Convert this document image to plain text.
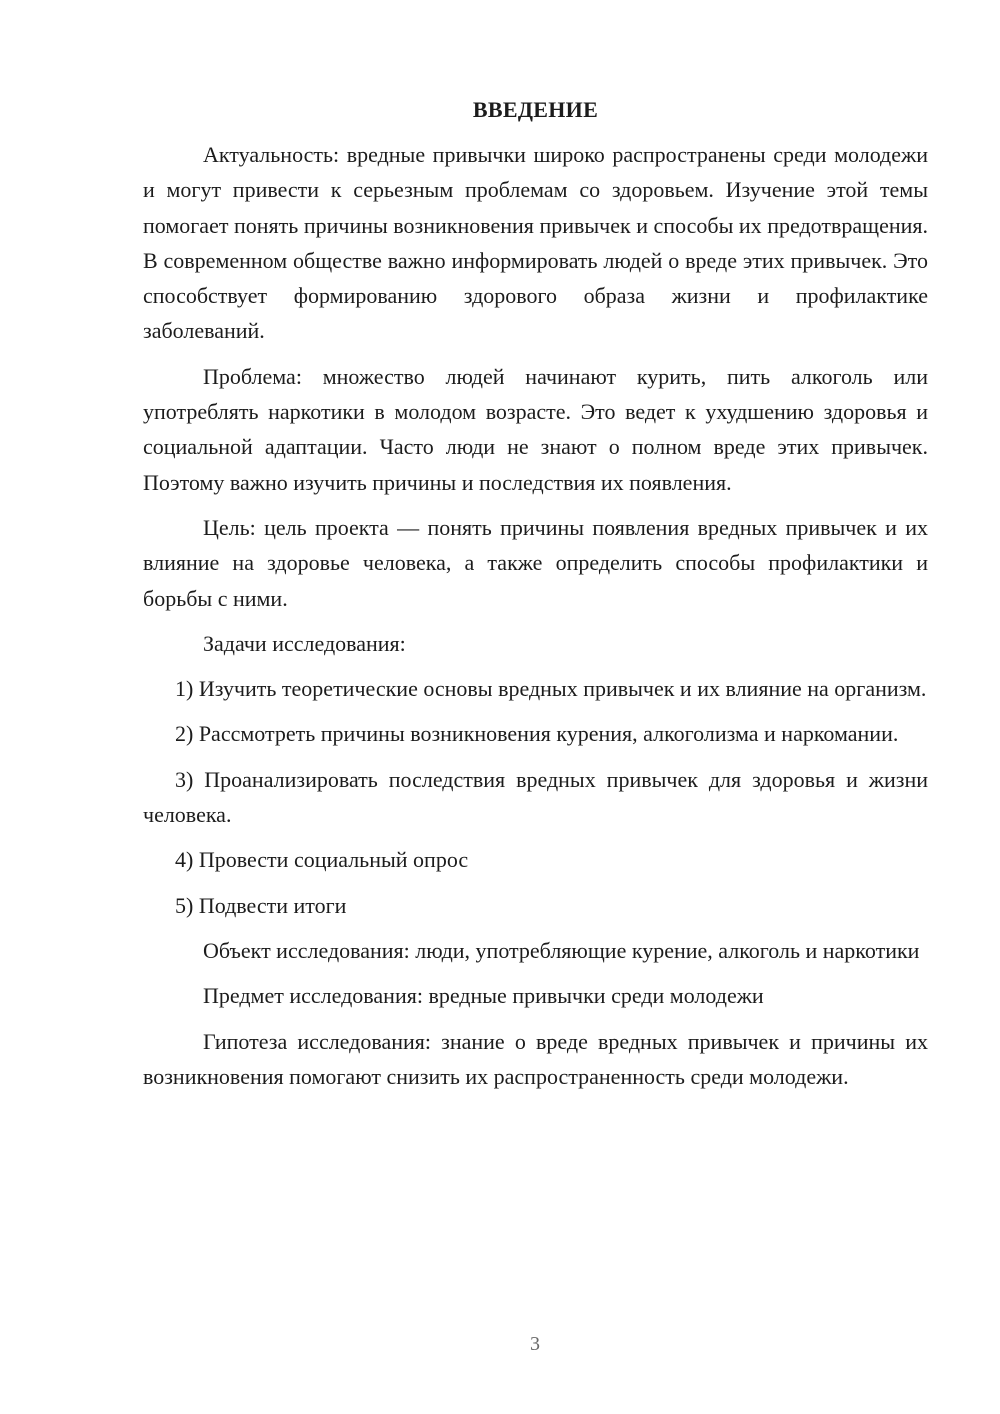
ВВЕДЕНИЕ

Актуальность: вредные привычки широко распространены среди молодежи и могут привести к серьезным проблемам со здоровьем. Изучение этой темы помогает понять причины возникновения привычек и способы их предотвращения. В современном обществе важно информировать людей о вреде этих привычек. Это способствует формированию здорового образа жизни и профилактике заболеваний.

Проблема: множество людей начинают курить, пить алкоголь или употреблять наркотики в молодом возрасте. Это ведет к ухудшению здоровья и социальной адаптации. Часто люди не знают о полном вреде этих привычек. Поэтому важно изучить причины и последствия их появления.

Цель: цель проекта — понять причины появления вредных привычек и их влияние на здоровье человека, а также определить способы профилактики и борьбы с ними.

Задачи исследования:

1) Изучить теоретические основы вредных привычек и их влияние на организм.

2) Рассмотреть причины возникновения курения, алкоголизма и наркомании.

3) Проанализировать последствия вредных привычек для здоровья и жизни человека.

4) Провести социальный опрос

5) Подвести итоги

Объект исследования: люди, употребляющие курение, алкоголь и наркотики

Предмет исследования: вредные привычки среди молодежи

Гипотеза исследования: знание о вреде вредных привычек и причины их возникновения помогают снизить их распространенность среди молодежи.

3
